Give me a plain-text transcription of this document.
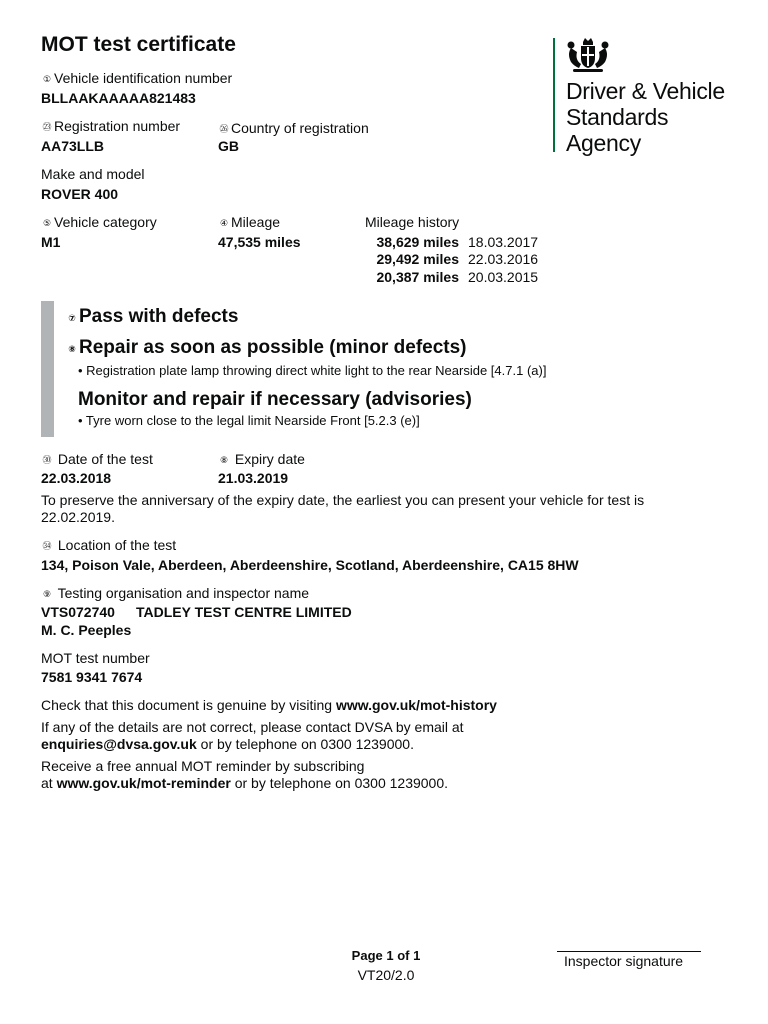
MOT test certificate
Driver & Vehicle
Standards
Agency
① Vehicle identification number
BLLAAKAAAAA821483
㉓ Registration number
AA73LLB
㉖ Country of registration
GB
Make and model
ROVER 400
⑤ Vehicle category
M1
④ Mileage
47,535 miles
Mileage history
38,629 miles 18.03.2017
29,492 miles 22.03.2016
20,387 miles 20.03.2015
⑦ Pass with defects
⑧ Repair as soon as possible (minor defects)
• Registration plate lamp throwing direct white light to the rear Nearside [4.7.1 (a)]
Monitor and repair if necessary (advisories)
• Tyre worn close to the legal limit Nearside Front [5.2.3 (e)]
㉚ Date of the test
22.03.2018
⑧ Expiry date
21.03.2019
To preserve the anniversary of the expiry date, the earliest you can present your vehicle for test is
22.02.2019.
㉞ Location of the test
134, Poison Vale, Aberdeen, Aberdeenshire, Scotland, Aberdeenshire, CA15 8HW
⑨ Testing organisation and inspector name
VTS072740 TADLEY TEST CENTRE LIMITED
M. C. Peeples
MOT test number
7581 9341 7674
Check that this document is genuine by visiting www.gov.uk/mot-history
If any of the details are not correct, please contact DVSA by email at
enquiries@dvsa.gov.uk or by telephone on 0300 1239000.
Receive a free annual MOT reminder by subscribing
at www.gov.uk/mot-reminder or by telephone on 0300 1239000.
Page 1 of 1
VT20/2.0
Inspector signature
